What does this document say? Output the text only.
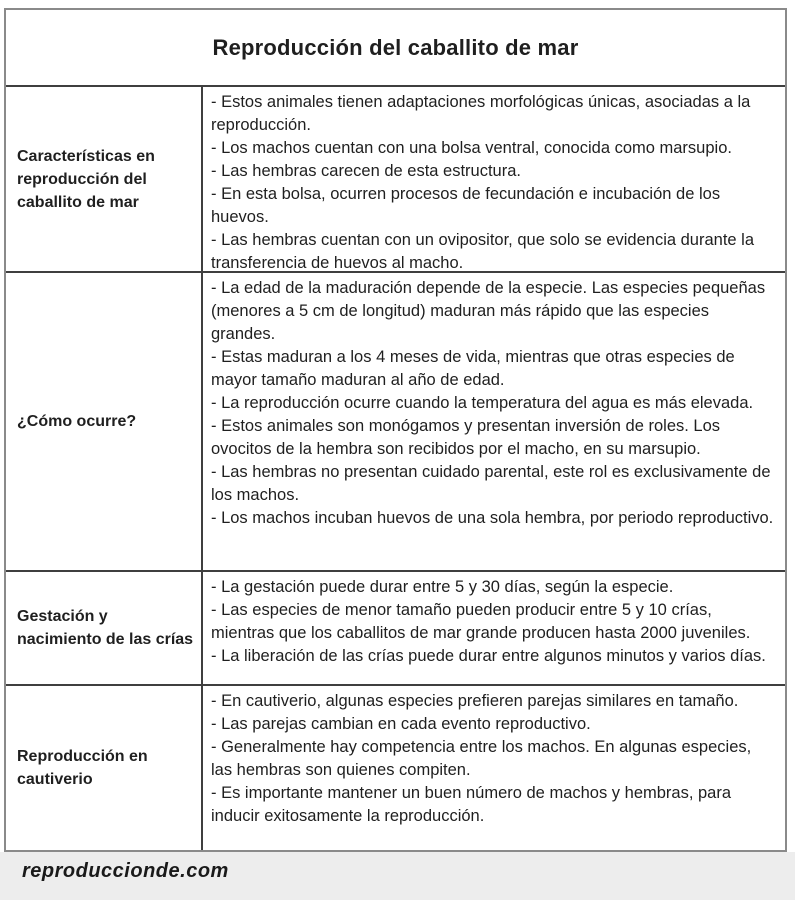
Reproducción del caballito de mar
Características en reproducción del caballito de mar
- Estos animales tienen adaptaciones morfológicas únicas, asociadas a la reproducción.
- Los machos cuentan con una bolsa ventral, conocida como marsupio.
- Las hembras carecen de esta estructura.
- En esta bolsa, ocurren procesos de fecundación e incubación de los huevos.
- Las hembras cuentan con un ovipositor, que solo se evidencia durante la transferencia de huevos al macho.
¿Cómo ocurre?
- La edad de la maduración depende de la especie. Las especies pequeñas (menores a 5 cm de longitud) maduran más rápido que las especies grandes.
- Estas maduran a los 4 meses de vida, mientras que otras especies de mayor tamaño maduran al año de edad.
- La reproducción ocurre cuando la temperatura del agua es más elevada.
- Estos animales son monógamos y presentan inversión de roles. Los ovocitos de la hembra son recibidos por el macho, en su marsupio.
- Las hembras no presentan cuidado parental, este rol es exclusivamente de los machos.
- Los machos incuban huevos de una sola hembra, por periodo reproductivo.
Gestación y nacimiento de las crías
- La gestación puede durar entre 5 y 30 días, según la especie.
- Las especies de menor tamaño pueden producir entre 5 y 10 crías, mientras que los caballitos de mar grande producen hasta 2000 juveniles.
- La liberación de las crías puede durar entre algunos minutos y varios días.
Reproducción en cautiverio
- En cautiverio, algunas especies prefieren parejas similares en tamaño.
- Las parejas cambian en cada evento reproductivo.
- Generalmente hay competencia entre los machos. En algunas especies, las hembras son quienes compiten.
- Es importante mantener un buen número de machos y hembras, para inducir exitosamente la reproducción.
reproduccionde.com
